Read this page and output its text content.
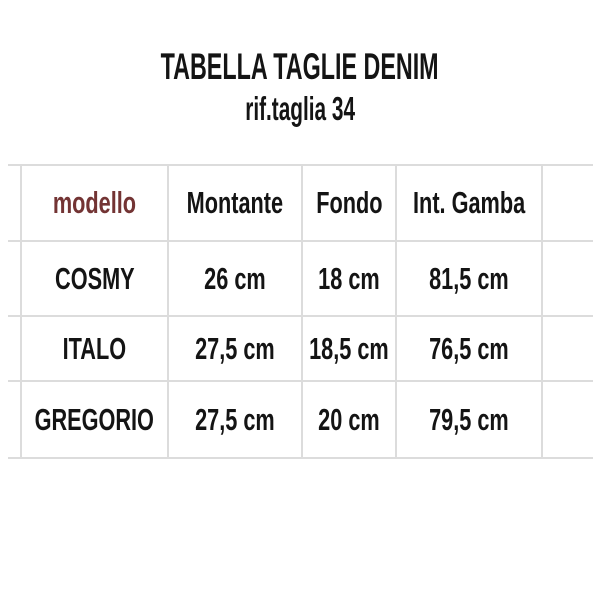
TABELLA TAGLIE DENIM
rif.taglia 34
modello Montante Fondo Int. Gamba
COSMY 26 cm 18 cm 81,5 cm
ITALO 27,5 cm 18,5 cm 76,5 cm
GREGORIO 27,5 cm 20 cm 79,5 cm
